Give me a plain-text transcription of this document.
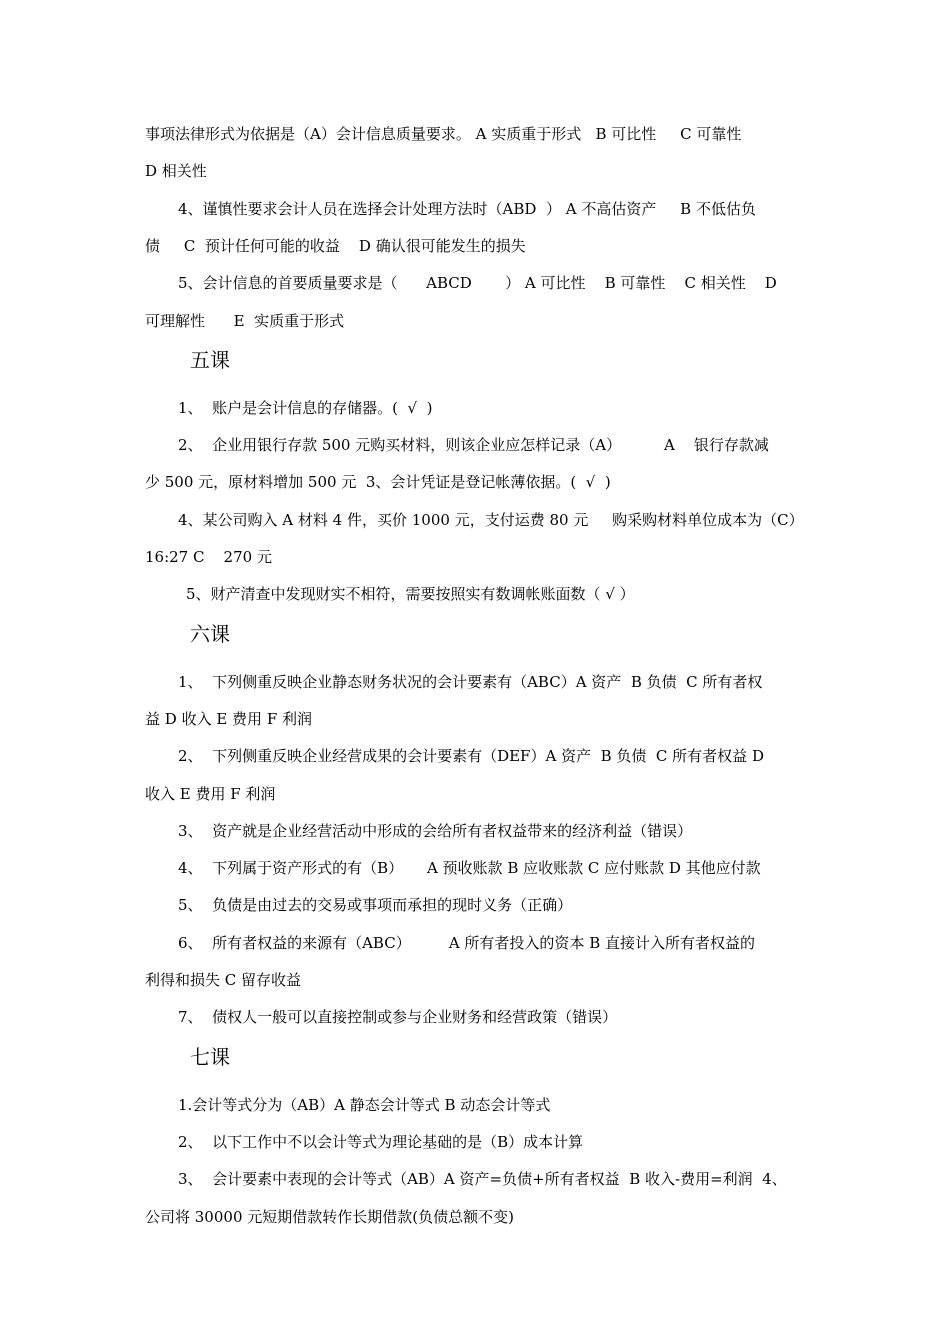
事项法律形式为依据是（A）会计信息质量要求。 A 实质重于形式   B 可比性     C 可靠性
D 相关性
4、谨慎性要求会计人员在选择会计处理方法时（ABD  ） A 不高估资产     B 不低估负
债     C  预计任何可能的收益    D 确认很可能发生的损失
5、会计信息的首要质量要求是（      ABCD       ） A 可比性    B 可靠性    C 相关性    D
可理解性      E  实质重于形式
五课
1、  账户是会计信息的存储器。(  √  )
2、  企业用银行存款 500 元购买材料，则该企业应怎样记录（A）         A    银行存款减
少 500 元，原材料增加 500 元  3、会计凭证是登记帐薄依据。(  √  )
4、某公司购入 A 材料 4 件，买价 1000 元，支付运费 80 元     购采购材料单位成本为（C）
16:27 C    270 元
5、财产清查中发现财实不相符，需要按照实有数调帐账面数（ √ ）
六课
1、  下列侧重反映企业静态财务状况的会计要素有（ABC）A 资产  B 负债  C 所有者权
益 D 收入 E 费用 F 利润
2、  下列侧重反映企业经营成果的会计要素有（DEF）A 资产  B 负债  C 所有者权益 D
收入 E 费用 F 利润
3、  资产就是企业经营活动中形成的会给所有者权益带来的经济利益（错误）
4、  下列属于资产形式的有（B）     A 预收账款 B 应收账款 C 应付账款 D 其他应付款
5、  负债是由过去的交易或事项而承担的现时义务（正确）
6、  所有者权益的来源有（ABC）        A 所有者投入的资本 B 直接计入所有者权益的
利得和损失 C 留存收益
7、  债权人一般可以直接控制或参与企业财务和经营政策（错误）
七课
1.会计等式分为（AB）A 静态会计等式 B 动态会计等式
2、  以下工作中不以会计等式为理论基础的是（B）成本计算
3、  会计要素中表现的会计等式（AB）A 资产=负债+所有者权益  B 收入-费用=利润  4、
公司将 30000 元短期借款转作长期借款(负债总额不变)
